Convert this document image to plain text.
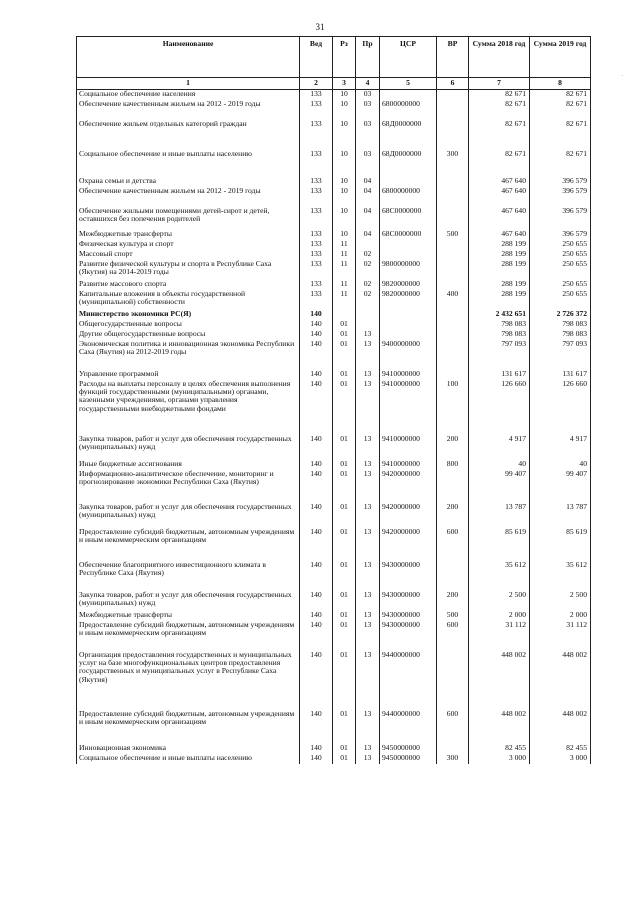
31
·
Наименование	Вед	Рз	Пр	ЦСР	ВР	Сумма 2018 год	Сумма 2019 год
1	2	3	4	5	6	7	8
Социальное обеспечение населения	133	10	03			82 671	82 671
Обеспечение качественным жильем на 2012 - 2019 годы	133	10	03	6800000000		82 671	82 671
Обеспечение жильем отдельных категорий граждан	133	10	03	68Д0000000		82 671	82 671
Социальное обеспечение и иные выплаты населению	133	10	03	68Д0000000	300	82 671	82 671
Охрана семьи и детства	133	10	04			467 640	396 579
Обеспечение качественным жильем на 2012 - 2019 годы	133	10	04	6800000000		467 640	396 579
Обеспечение жильыми помещениями детей-сирот и детей, оставшихся без попечения родителей	133	10	04	68С0000000		467 640	396 579
Межбюджетные трансферты	133	10	04	68С0000000	500	467 640	396 579
Физическая культура и спорт	133	11				288 199	250 655
Массовый спорт	133	11	02			288 199	250 655
Развитие физической культуры и спорта в Республике Саха (Якутия) на 2014-2019 годы	133	11	02	9800000000		288 199	250 655
Развитие массового спорта	133	11	02	9820000000		288 199	250 655
Капитальные вложения в объекты государственной (муниципальной) собственности	133	11	02	9820000000	400	288 199	250 655
Министерство экономики РС(Я)	140					2 432 651	2 726 372
Общегосударственные вопросы	140	01				798 083	798 083
Другие общегосударственные вопросы	140	01	13			798 083	798 083
Экономическая политика и инновационная экономика Республики Саха (Якутия) на 2012-2019 годы	140	01	13	9400000000		797 093	797 093
Управление программой	140	01	13	9410000000		131 617	131 617
Расходы на выплаты персоналу в целях обеспечения выполнения функций государственными (муниципальными) органами, казенными учреждениями, органами управления государственными внебюджетными фондами	140	01	13	9410000000	100	126 660	126 660
Закупка товаров, работ и услуг для обеспечения государственных (муниципальных) нужд	140	01	13	9410000000	200	4 917	4 917
Иные бюджетные ассигнования	140	01	13	9410000000	800	40	40
Информационно-аналитическое обеспечение, мониторинг и прогнозирование экономики Республики Саха (Якутия)	140	01	13	9420000000		99 407	99 407
Закупка товаров, работ и услуг для обеспечения государственных (муниципальных) нужд	140	01	13	9420000000	200	13 787	13 787
Предоставление субсидий бюджетным, автономным учреждениям и иным некоммерческим организациям	140	01	13	9420000000	600	85 619	85 619
Обеспечение благоприятного инвестиционного климата в Республике Саха (Якутия)	140	01	13	9430000000		35 612	35 612
Закупка товаров, работ и услуг для обеспечения государственных (муниципальных) нужд	140	01	13	9430000000	200	2 500	2 500
Межбюджетные трансферты	140	01	13	9430000000	500	2 000	2 000
Предоставление субсидий бюджетным, автономным учреждениям и иным некоммерческим организациям	140	01	13	9430000000	600	31 112	31 112
Организация предоставления государственных и муниципальных услуг на базе многофункциональных центров предоставления государственных и муниципальных услуг в Республике Саха (Якутия)	140	01	13	9440000000		448 002	448 002
Предоставление субсидий бюджетным, автономным учреждениям и иным некоммерческим организациям	140	01	13	9440000000	600	448 002	448 002
Инновационная экономика	140	01	13	9450000000		82 455	82 455
Социальное обеспечение и иные выплаты населению	140	01	13	9450000000	300	3 000	3 000
